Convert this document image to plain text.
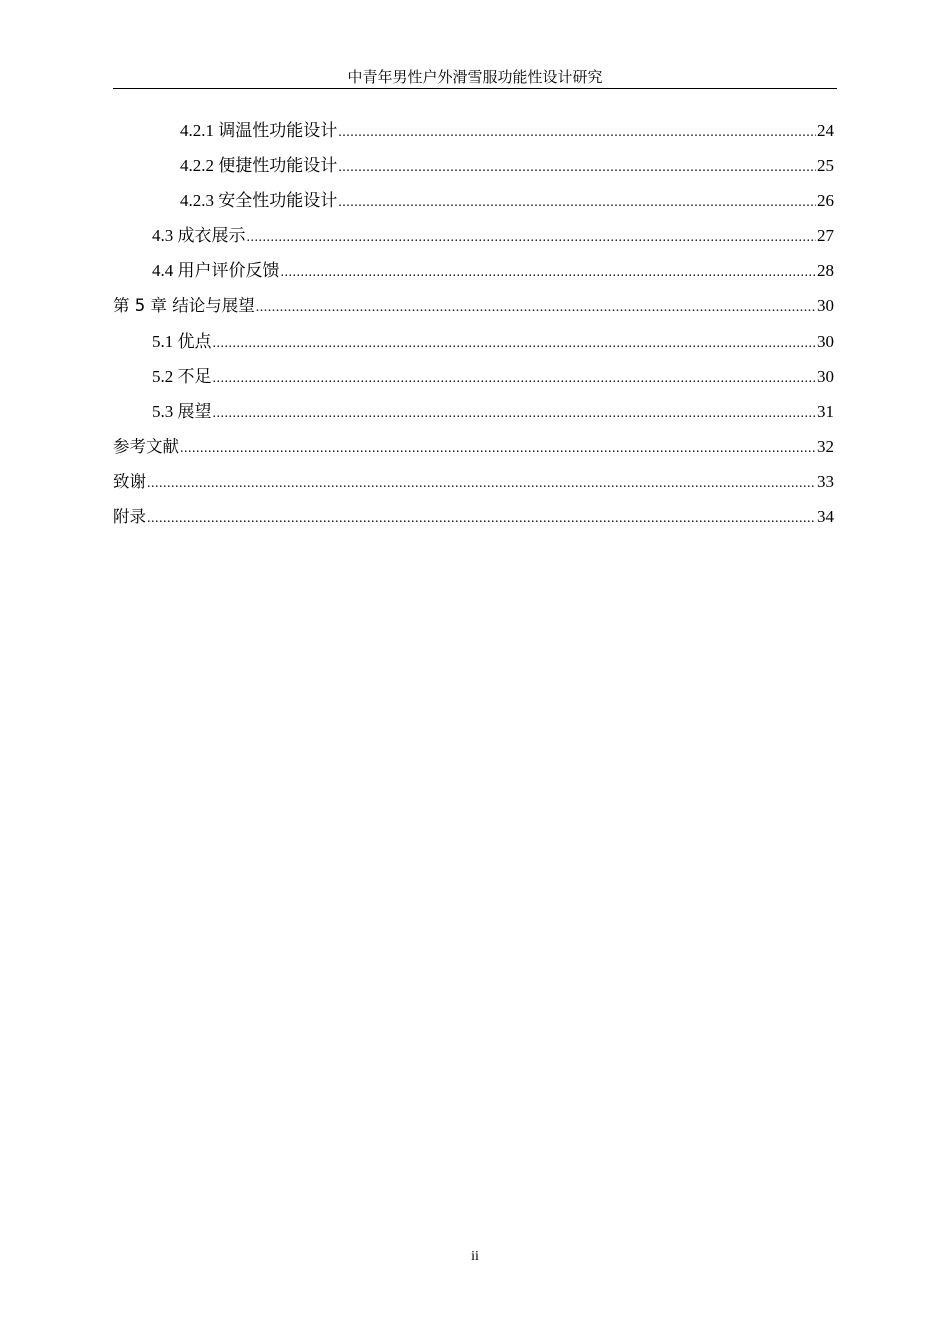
中青年男性户外滑雪服功能性设计研究
4.2.1 调温性功能设计 .....	24
4.2.2 便捷性功能设计 .....	25
4.2.3 安全性功能设计 .....	26
4.3 成衣展示 .....	27
4.4 用户评价反馈 .....	28
第 5 章 结论与展望 .....	30
5.1 优点 .....	30
5.2 不足 .....	30
5.3 展望 .....	31
参考文献 .....	32
致谢 .....	33
附录 .....	34
ii
